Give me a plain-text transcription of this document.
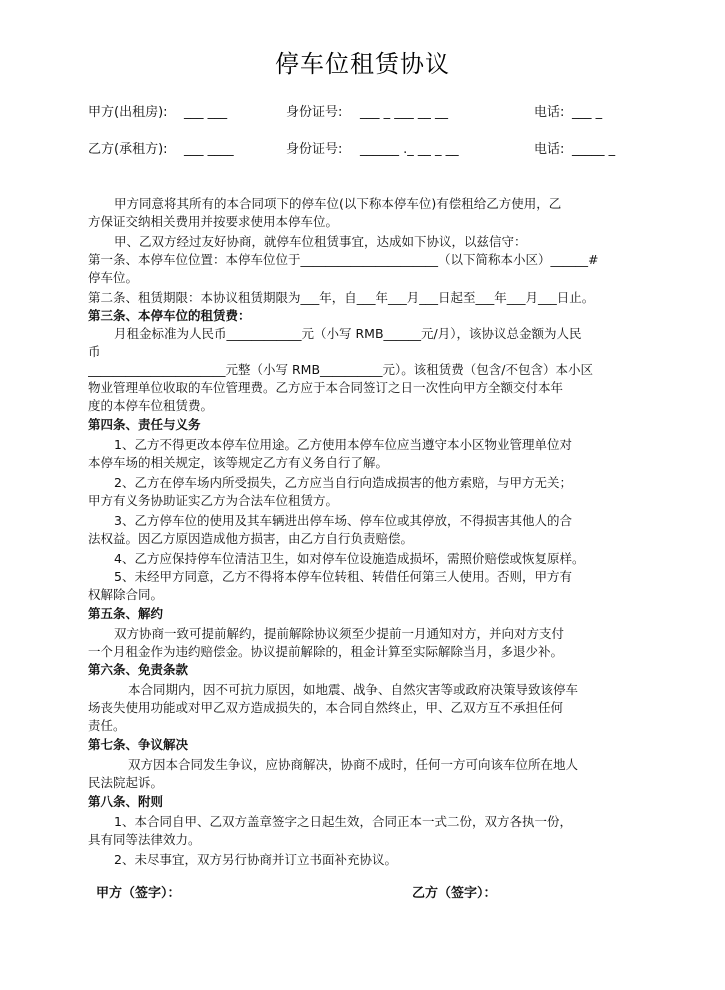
停车位租赁协议
甲方(出租房): ___ ___	身份证号: ___ _ ___ __ __	电话: ___ _
乙方(承租方): ___ ____	身份证号: ______ ._ __ _ __	电话: _____ _
甲方同意将其所有的本合同项下的停车位(以下称本停车位)有偿租给乙方使用，乙
方保证交纳相关费用并按要求使用本停车位。
甲、乙双方经过友好协商，就停车位租赁事宜，达成如下协议，以兹信守：
第一条、本停车位位置：本停车位位于______________________（以下简称本小区）______#
停车位。
第二条、租赁期限：本协议租赁期限为___年，自___年___月___日起至___年___月___日止。
第三条、本停车位的租赁费：
月租金标准为人民币____________元（小写 RMB______元/月），该协议总金额为人民
币
______________________元整（小写 RMB__________元）。该租赁费（包含/不包含）本小区
物业管理单位收取的车位管理费。乙方应于本合同签订之日一次性向甲方全额交付本年
度的本停车位租赁费。
第四条、责任与义务
1、乙方不得更改本停车位用途。乙方使用本停车位应当遵守本小区物业管理单位对
本停车场的相关规定，该等规定乙方有义务自行了解。
2、乙方在停车场内所受损失，乙方应当自行向造成损害的他方索赔，与甲方无关；
甲方有义务协助证实乙方为合法车位租赁方。
3、乙方停车位的使用及其车辆进出停车场、停车位或其停放，不得损害其他人的合
法权益。因乙方原因造成他方损害，由乙方自行负责赔偿。
4、乙方应保持停车位清洁卫生，如对停车位设施造成损坏，需照价赔偿或恢复原样。
5、未经甲方同意，乙方不得将本停车位转租、转借任何第三人使用。否则，甲方有
权解除合同。
第五条、解约
双方协商一致可提前解约，提前解除协议须至少提前一月通知对方，并向对方支付
一个月租金作为违约赔偿金。协议提前解除的，租金计算至实际解除当月，多退少补。
第六条、免责条款
本合同期内，因不可抗力原因，如地震、战争、自然灾害等或政府决策导致该停车
场丧失使用功能或对甲乙双方造成损失的，本合同自然终止，甲、乙双方互不承担任何
责任。
第七条、争议解决
双方因本合同发生争议，应协商解决，协商不成时，任何一方可向该车位所在地人
民法院起诉。
第八条、附则
1、本合同自甲、乙双方盖章签字之日起生效，合同正本一式二份，双方各执一份，
具有同等法律效力。
2、未尽事宜，双方另行协商并订立书面补充协议。
甲方（签字）：	乙方（签字）：
